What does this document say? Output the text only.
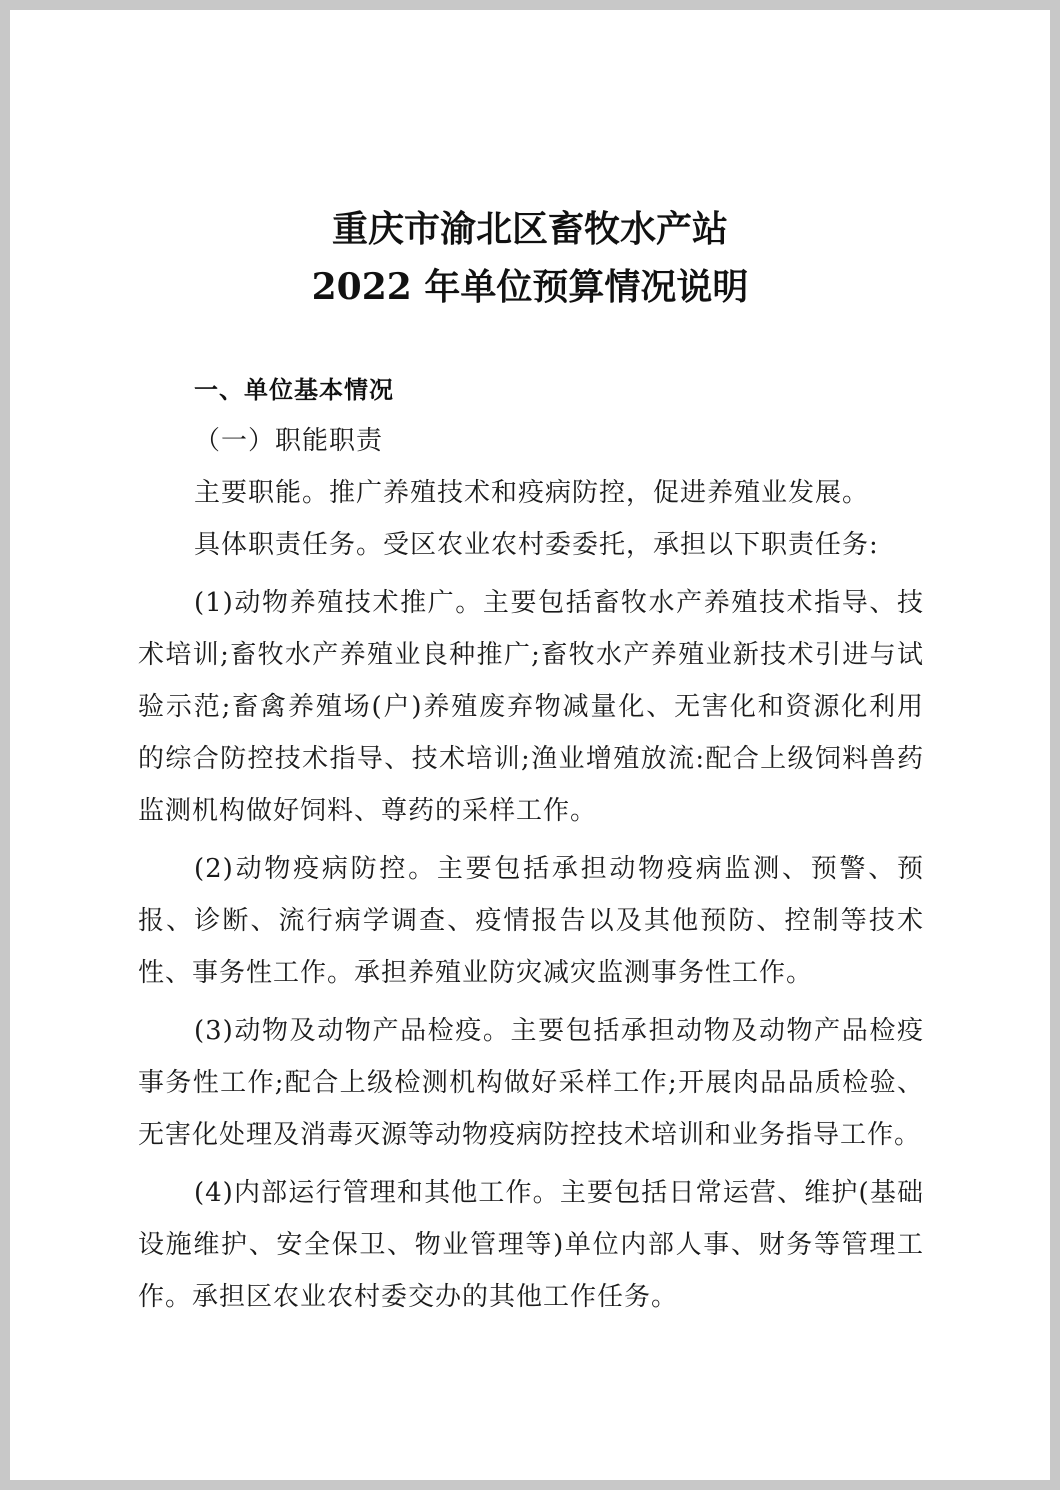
重庆市渝北区畜牧水产站
2022 年单位预算情况说明
一、单位基本情况

（一）职能职责

主要职能。推广养殖技术和疫病防控，促进养殖业发展。

具体职责任务。受区农业农村委委托，承担以下职责任务:

(1)动物养殖技术推广。主要包括畜牧水产养殖技术指导、技术培训;畜牧水产养殖业良种推广;畜牧水产养殖业新技术引进与试验示范;畜禽养殖场(户)养殖废弃物减量化、无害化和资源化利用的综合防控技术指导、技术培训;渔业增殖放流:配合上级饲料兽药监测机构做好饲料、尊药的采样工作。

(2)动物疫病防控。主要包括承担动物疫病监测、预警、预报、诊断、流行病学调查、疫情报告以及其他预防、控制等技术性、事务性工作。承担养殖业防灾减灾监测事务性工作。

(3)动物及动物产品检疫。主要包括承担动物及动物产品检疫事务性工作;配合上级检测机构做好采样工作;开展肉品品质检验、无害化处理及消毒灭源等动物疫病防控技术培训和业务指导工作。

(4)内部运行管理和其他工作。主要包括日常运营、维护(基础设施维护、安全保卫、物业管理等)单位内部人事、财务等管理工作。承担区农业农村委交办的其他工作任务。
